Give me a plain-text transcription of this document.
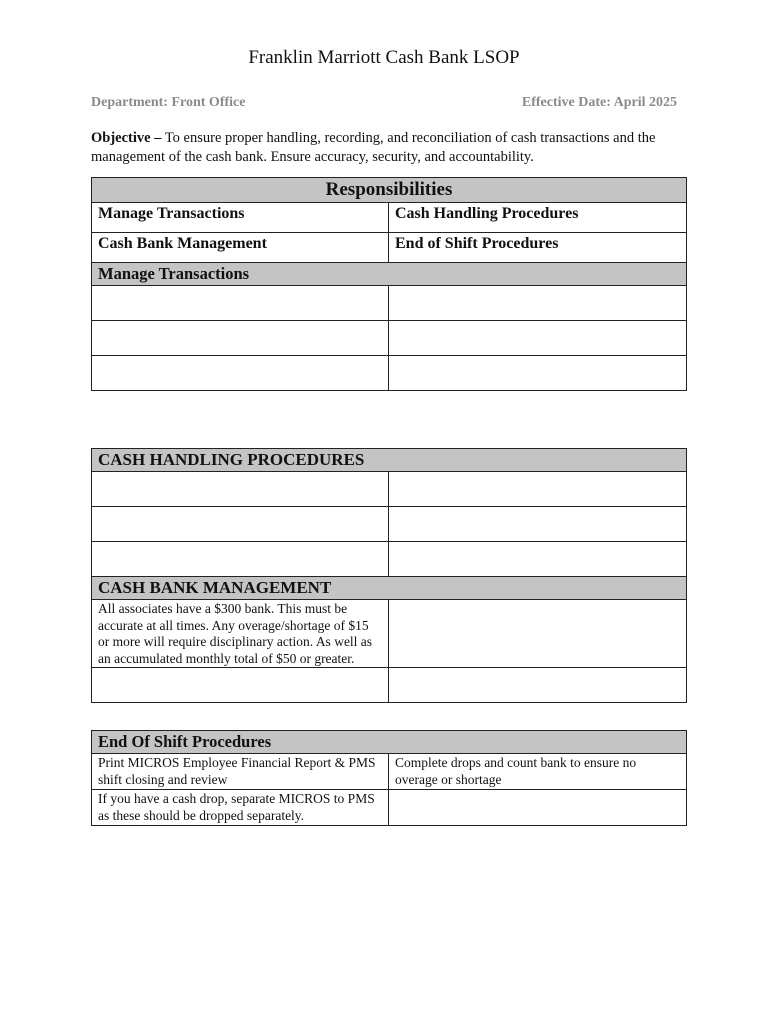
Franklin Marriott Cash Bank LSOP
Department: Front Office	Effective Date: April 2025
Objective – To ensure proper handling, recording, and reconciliation of cash transactions and the management of the cash bank. Ensure accuracy, security, and accountability.
Responsibilities	
Manage Transactions	Cash Handling Procedures
Cash Bank Management	End of Shift Procedures
Manage Transactions	

CASH HANDLING PROCEDURES	

CASH BANK MANAGEMENT	
All associates have a $300 bank. This must be accurate at all times. Any overage/shortage of $15 or more will require disciplinary action. As well as an accumulated monthly total of $50 or greater.	

End Of Shift Procedures	
Print MICROS Employee Financial Report & PMS shift closing and review	Complete drops and count bank to ensure no overage or shortage
If you have a cash drop, separate MICROS to PMS as these should be dropped separately.	
